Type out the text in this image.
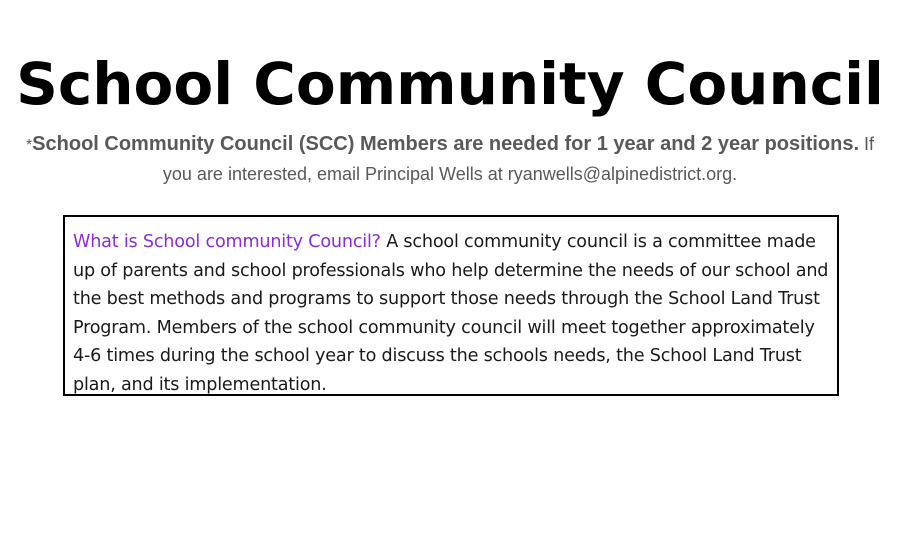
School Community Council
*School Community Council (SCC) Members are needed for 1 year and 2 year positions. If you are interested, email Principal Wells at ryanwells@alpinedistrict.org.
What is School community Council? A school community council is a committee made up of parents and school professionals who help determine the needs of our school and the best methods and programs to support those needs through the School Land Trust Program. Members of the school community council will meet together approximately 4-6 times during the school year to discuss the schools needs, the School Land Trust plan, and its implementation.
